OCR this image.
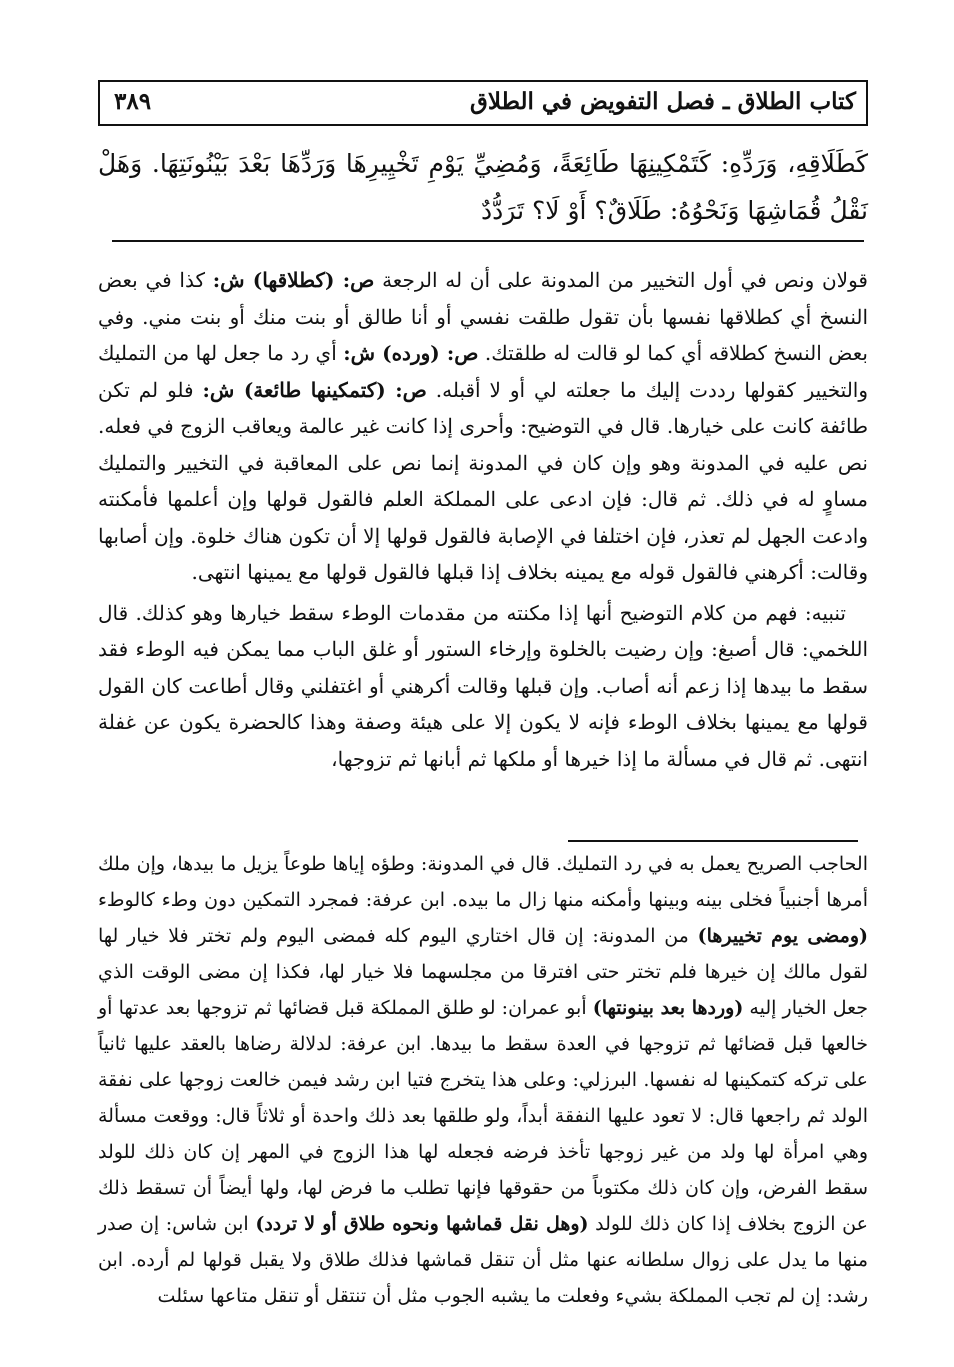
كتاب الطلاق ـ فصل التفويض في الطلاق
٣٨٩

كَطَلَاقِهِ، وَرَدِّهِ: كَتَمْكِينِهَا طَائِعَةً، وَمُضِيِّ يَوْمِ تَخْيِيرِهَا وَرَدِّهَا بَعْدَ بَيْنُونَتِهَا. وَهَلْ نَقْلُ قُمَاشِهَا وَنَحْوُهُ: طَلَاقٌ؟ أَوْ لَا؟ تَرَدُّدٌ

قولان ونص في أول التخيير من المدونة على أن له الرجعة ص: (كطلاقها) ش: كذا في بعض النسخ أي كطلاقها نفسها بأن تقول طلقت نفسي أو أنا طالق أو بنت منك أو بنت مني. وفي بعض النسخ كطلاقه أي كما لو قالت له طلقتك. ص: (ورده) ش: أي رد ما جعل لها من التمليك والتخيير كقولها رددت إليك ما جعلته لي أو لا أقبله. ص: (كتمكينها طائعة) ش: فلو لم تكن طائفة كانت على خيارها. قال في التوضيح: وأحرى إذا كانت غير عالمة ويعاقب الزوج في فعله. نص عليه في المدونة وهو وإن كان في المدونة إنما نص على المعاقبة في التخيير والتمليك مساوٍ له في ذلك. ثم قال: فإن ادعى على المملكة العلم فالقول قولها وإن أعلمها فأمكنته وادعت الجهل لم تعذر، فإن اختلفا في الإصابة فالقول قولها إلا أن تكون هناك خلوة. وإن أصابها وقالت: أكرهني فالقول قوله مع يمينه بخلاف إذا قبلها فالقول قولها مع يمينها انتهى.

تنبيه: فهم من كلام التوضيح أنها إذا مكنته من مقدمات الوطء سقط خيارها وهو كذلك. قال اللخمي: قال أصبغ: وإن رضيت بالخلوة وإرخاء الستور أو غلق الباب مما يمكن فيه الوطء فقد سقط ما بيدها إذا زعم أنه أصاب. وإن قبلها وقالت أكرهني أو اغتفلني وقال أطاعت كان القول قولها مع يمينها بخلاف الوطء فإنه لا يكون إلا على هيئة وصفة وهذا كالحضرة يكون عن غفلة انتهى. ثم قال في مسألة ما إذا خيرها أو ملكها ثم أبانها ثم تزوجها،

الحاجب الصريح يعمل به في رد التمليك. قال في المدونة: وطؤه إياها طوعاً يزيل ما بيدها، وإن ملك أمرها أجنبياً فخلى بينه وبينها وأمكنه منها زال ما بيده. ابن عرفة: فمجرد التمكين دون وطء كالوطء (ومضى يوم تخييرها) من المدونة: إن قال اختاري اليوم كله فمضى اليوم ولم تختر فلا خيار لها لقول مالك إن خيرها فلم تختر حتى افترقا من مجلسهما فلا خيار لها، فكذا إن مضى الوقت الذي جعل الخيار إليه (وردها بعد بينونتها) أبو عمران: لو طلق المملكة قبل قضائها ثم تزوجها بعد عدتها أو خالعها قبل قضائها ثم تزوجها في العدة سقط ما بيدها. ابن عرفة: لدلالة رضاها بالعقد عليها ثانياً على تركه كتمكينها له نفسها. البرزلي: وعلى هذا يتخرج فتيا ابن رشد فيمن خالعت زوجها على نفقة الولد ثم راجعها قال: لا تعود عليها النفقة أبداً، ولو طلقها بعد ذلك واحدة أو ثلاثاً قال: ووقعت مسألة وهي امرأة لها ولد من غير زوجها تأخذ فرضه فجعله لها هذا الزوج في المهر إن كان ذلك للولد سقط الفرض، وإن كان ذلك مكتوباً من حقوقها فإنها تطلب ما فرض لها، ولها أيضاً أن تسقط ذلك عن الزوج بخلاف إذا كان ذلك للولد (وهل نقل قماشها ونحوه طلاق أو لا تردد) ابن شاس: إن صدر منها ما يدل على زوال سلطانه عنها مثل أن تنقل قماشها فذلك طلاق ولا يقبل قولها لم أرده. ابن رشد: إن لم تجب المملكة بشيء وفعلت ما يشبه الجوب مثل أن تنتقل أو تنقل متاعها سئلت
